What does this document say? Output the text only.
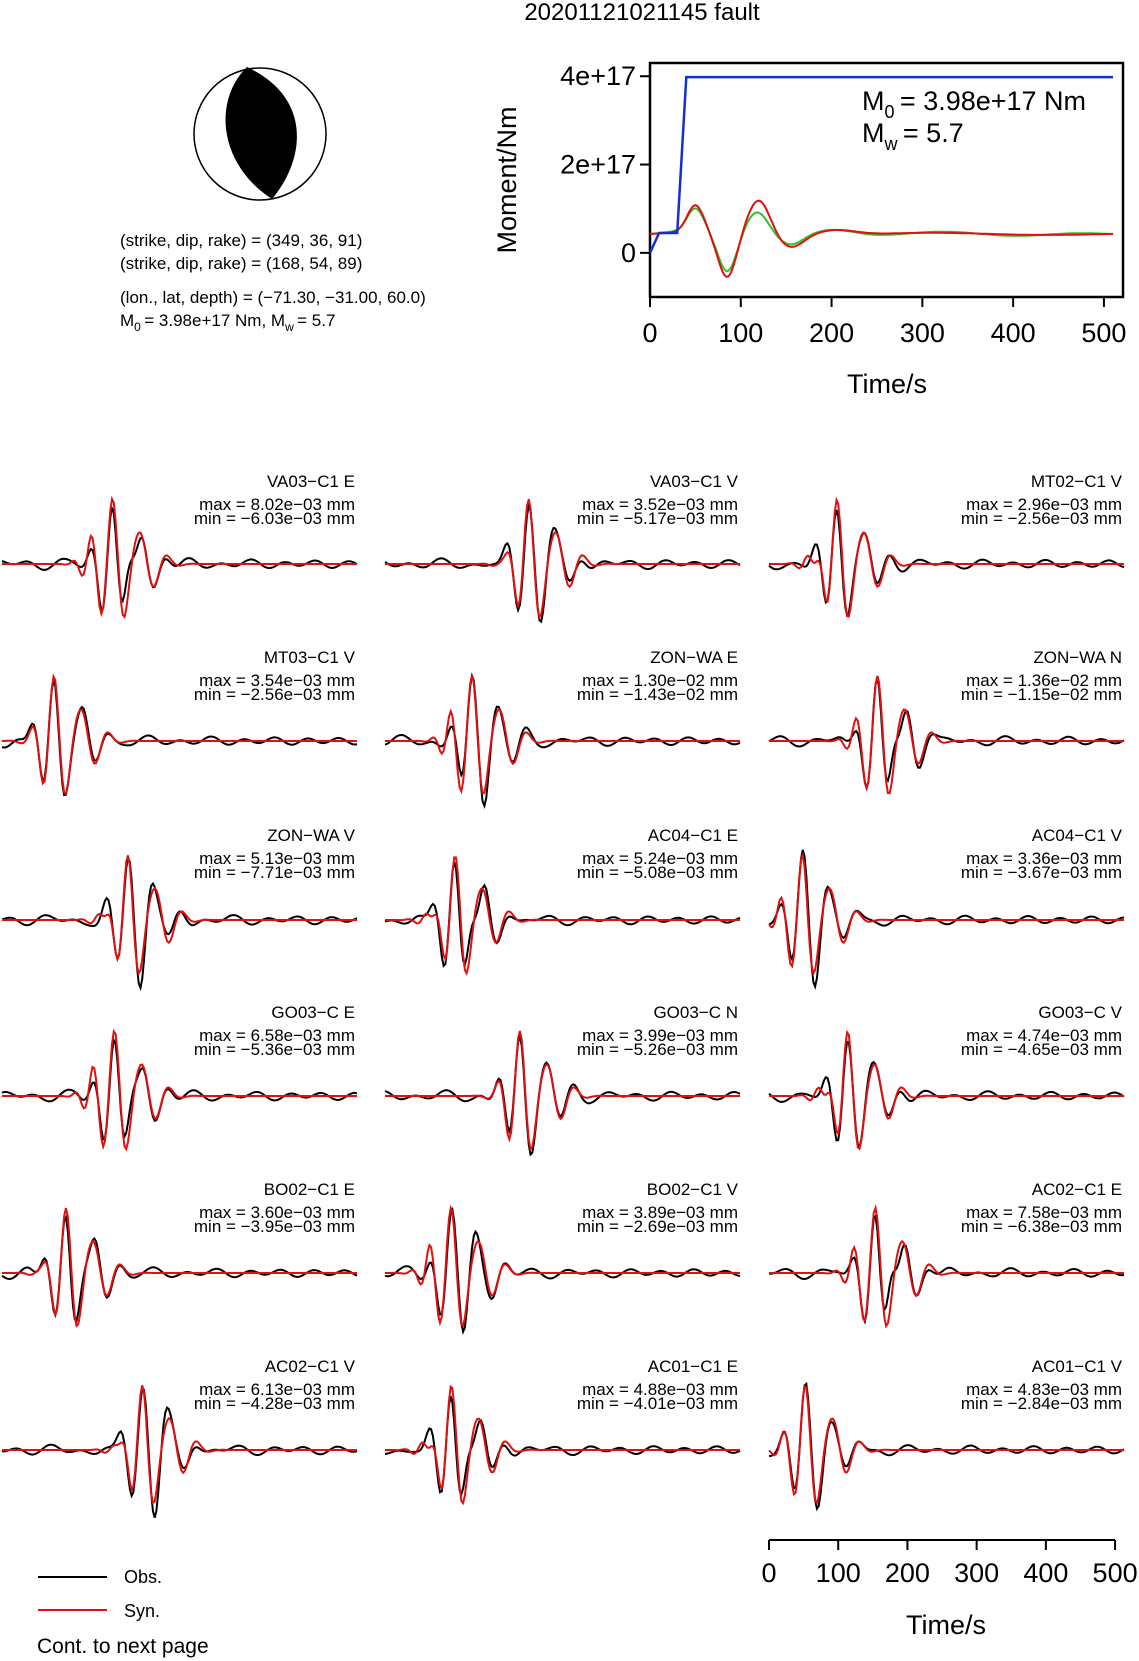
20201121021145 fault
(strike, dip, rake) = (349, 36, 91)
(strike, dip, rake) = (168, 54, 89)
(lon., lat, depth) = (−71.30, −31.00, 60.0)
$M_0 = 3.98e+17$ Nm, $M_w = 5.7$
0
2e+17
4e+17
0 100 200 300 400 500
Moment/Nm
Time/s
$M_0 = 3.98e+17$ Nm
$M_w = 5.7$
VA03−C1 E
max = 8.02e−03 mm
min = −6.03e−03 mm
VA03−C1 V
max = 3.52e−03 mm
min = −5.17e−03 mm
MT02−C1 V
max = 2.96e−03 mm
min = −2.56e−03 mm
MT03−C1 V
max = 3.54e−03 mm
min = −2.56e−03 mm
ZON−WA E
max = 1.30e−02 mm
min = −1.43e−02 mm
ZON−WA N
max = 1.36e−02 mm
min = −1.15e−02 mm
ZON−WA V
max = 5.13e−03 mm
min = −7.71e−03 mm
AC04−C1 E
max = 5.24e−03 mm
min = −5.08e−03 mm
AC04−C1 V
max = 3.36e−03 mm
min = −3.67e−03 mm
GO03−C E
max = 6.58e−03 mm
min = −5.36e−03 mm
GO03−C N
max = 3.99e−03 mm
min = −5.26e−03 mm
GO03−C V
max = 4.74e−03 mm
min = −4.65e−03 mm
BO02−C1 E
max = 3.60e−03 mm
min = −3.95e−03 mm
BO02−C1 V
max = 3.89e−03 mm
min = −2.69e−03 mm
AC02−C1 E
max = 7.58e−03 mm
min = −6.38e−03 mm
AC02−C1 V
max = 6.13e−03 mm
min = −4.28e−03 mm
AC01−C1 E
max = 4.88e−03 mm
min = −4.01e−03 mm
AC01−C1 V
max = 4.83e−03 mm
min = −2.84e−03 mm
0 100 200 300 400 500
Time/s
Obs.
Syn.
Cont. to next page
